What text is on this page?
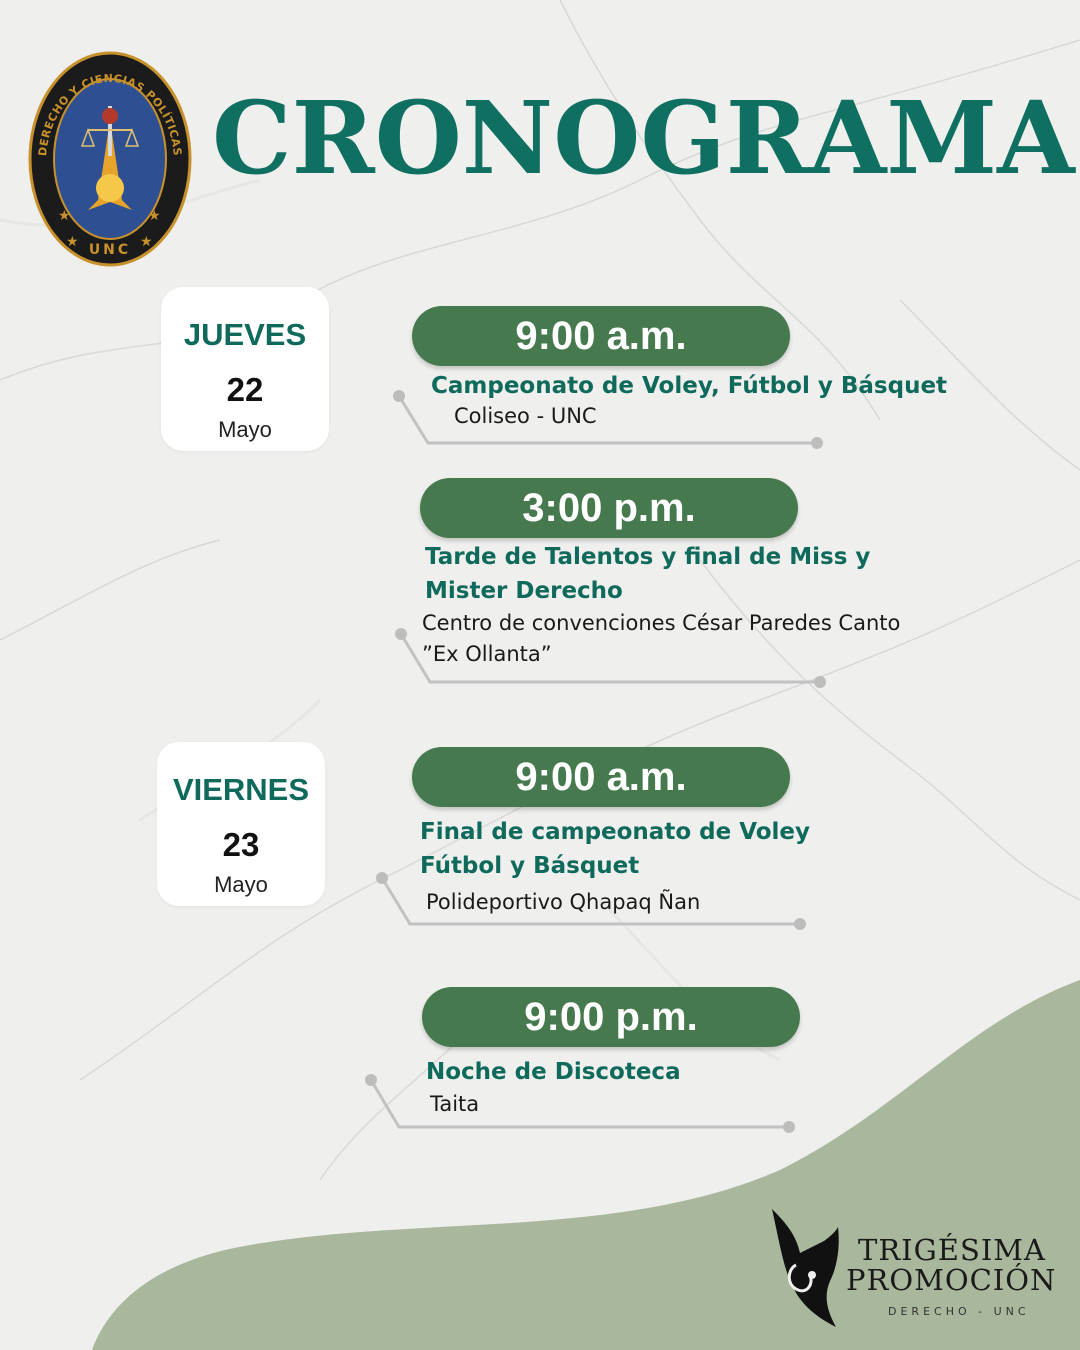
★
★
★
★
DERECHO Y CIENCIAS POLÍTICAS
UNC
CRONOGRAMA
JUEVES
22
Mayo
9:00 a.m.
Campeonato de Voley, Fútbol y Básquet
Coliseo - UNC
3:00 p.m.
Tarde de Talentos y final de Miss y
Mister Derecho
Centro de convenciones César Paredes Canto
”Ex Ollanta”
VIERNES
23
Mayo
9:00 a.m.
Final de campeonato de Voley
Fútbol y Básquet
Polideportivo Qhapaq Ñan
9:00 p.m.
Noche de Discoteca
Taita
TRIGÉSIMA
PROMOCIÓN
DERECHO - UNC
